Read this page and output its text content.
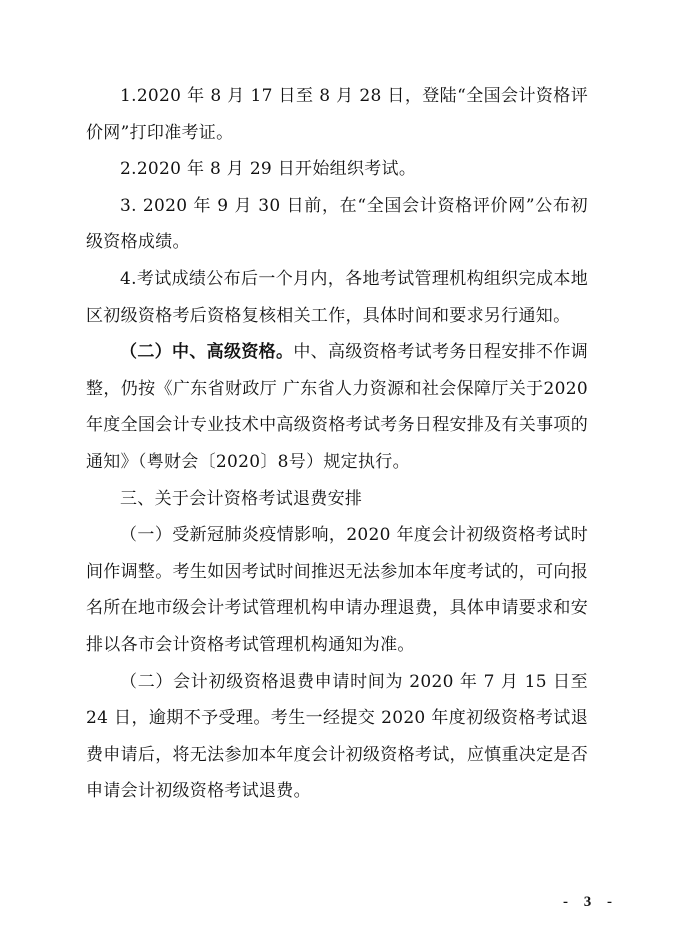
1.2020 年 8 月 17 日至 8 月 28 日，登陆“全国会计资格评价网”打印准考证。

2.2020 年 8 月 29 日开始组织考试。

3. 2020 年 9 月 30 日前，在“全国会计资格评价网”公布初级资格成绩。

4.考试成绩公布后一个月内，各地考试管理机构组织完成本地区初级资格考后资格复核相关工作，具体时间和要求另行通知。

（二）中、高级资格。中、高级资格考试考务日程安排不作调整，仍按《广东省财政厅 广东省人力资源和社会保障厅关于2020年度全国会计专业技术中高级资格考试考务日程安排及有关事项的通知》（粤财会〔2020〕8号）规定执行。

三、关于会计资格考试退费安排

（一）受新冠肺炎疫情影响，2020 年度会计初级资格考试时间作调整。考生如因考试时间推迟无法参加本年度考试的，可向报名所在地市级会计考试管理机构申请办理退费，具体申请要求和安排以各市会计资格考试管理机构通知为准。

（二）会计初级资格退费申请时间为 2020 年 7 月 15 日至24 日，逾期不予受理。考生一经提交 2020 年度初级资格考试退费申请后，将无法参加本年度会计初级资格考试，应慎重决定是否申请会计初级资格考试退费。

- 3 -
